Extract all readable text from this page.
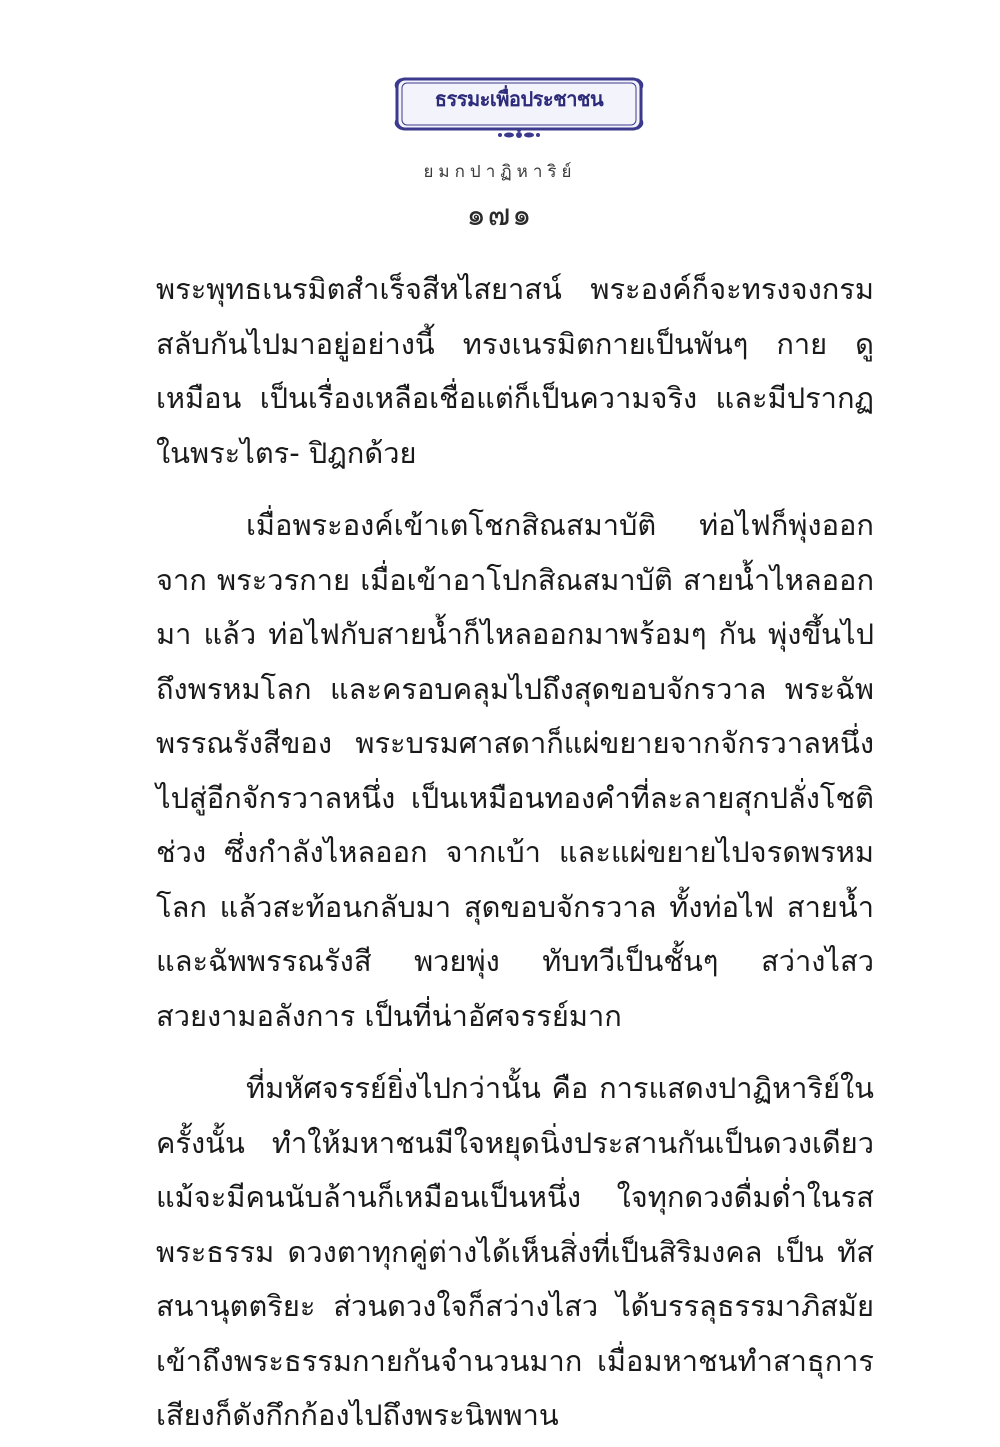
ธรรมะเพื่อประชาชน
ยมกปาฏิหาริย์
๑๗๑

พระพุทธเนรมิตสำเร็จสีหไสยาสน์ พระองค์ก็จะทรงจงกรม สลับกันไปมาอยู่อย่างนี้ ทรงเนรมิตกายเป็นพันๆ กาย ดูเหมือน เป็นเรื่องเหลือเชื่อแต่ก็เป็นความจริง และมีปรากฏในพระไตร- ปิฎกด้วย

เมื่อพระองค์เข้าเตโชกสิณสมาบัติ ท่อไฟก็พุ่งออกจาก พระวรกาย เมื่อเข้าอาโปกสิณสมาบัติ สายน้ำไหลออกมา แล้ว ท่อไฟกับสายน้ำก็ไหลออกมาพร้อมๆ กัน พุ่งขึ้นไปถึงพรหมโลก และครอบคลุมไปถึงสุดขอบจักรวาล พระฉัพพรรณรังสีของ พระบรมศาสดาก็แผ่ขยายจากจักรวาลหนึ่งไปสู่อีกจักรวาลหนึ่ง เป็นเหมือนทองคำที่ละลายสุกปลั่งโชติช่วง ซึ่งกำลังไหลออก จากเบ้า และแผ่ขยายไปจรดพรหมโลก แล้วสะท้อนกลับมา สุดขอบจักรวาล ทั้งท่อไฟ สายน้ำ และฉัพพรรณรังสี พวยพุ่ง ทับทวีเป็นชั้นๆ สว่างไสวสวยงามอลังการ เป็นที่น่าอัศจรรย์มาก

ที่มหัศจรรย์ยิ่งไปกว่านั้น คือ การแสดงปาฏิหาริย์ใน ครั้งนั้น ทำให้มหาชนมีใจหยุดนิ่งประสานกันเป็นดวงเดียว แม้จะมีคนนับล้านก็เหมือนเป็นหนึ่ง ใจทุกดวงดื่มด่ำในรส พระธรรม ดวงตาทุกคู่ต่างได้เห็นสิ่งที่เป็นสิริมงคล เป็น ทัสสนานุตตริยะ ส่วนดวงใจก็สว่างไสว ได้บรรลุธรรมาภิสมัย เข้าถึงพระธรรมกายกันจำนวนมาก เมื่อมหาชนทำสาธุการ เสียงก็ดังกึกก้องไปถึงพระนิพพาน
